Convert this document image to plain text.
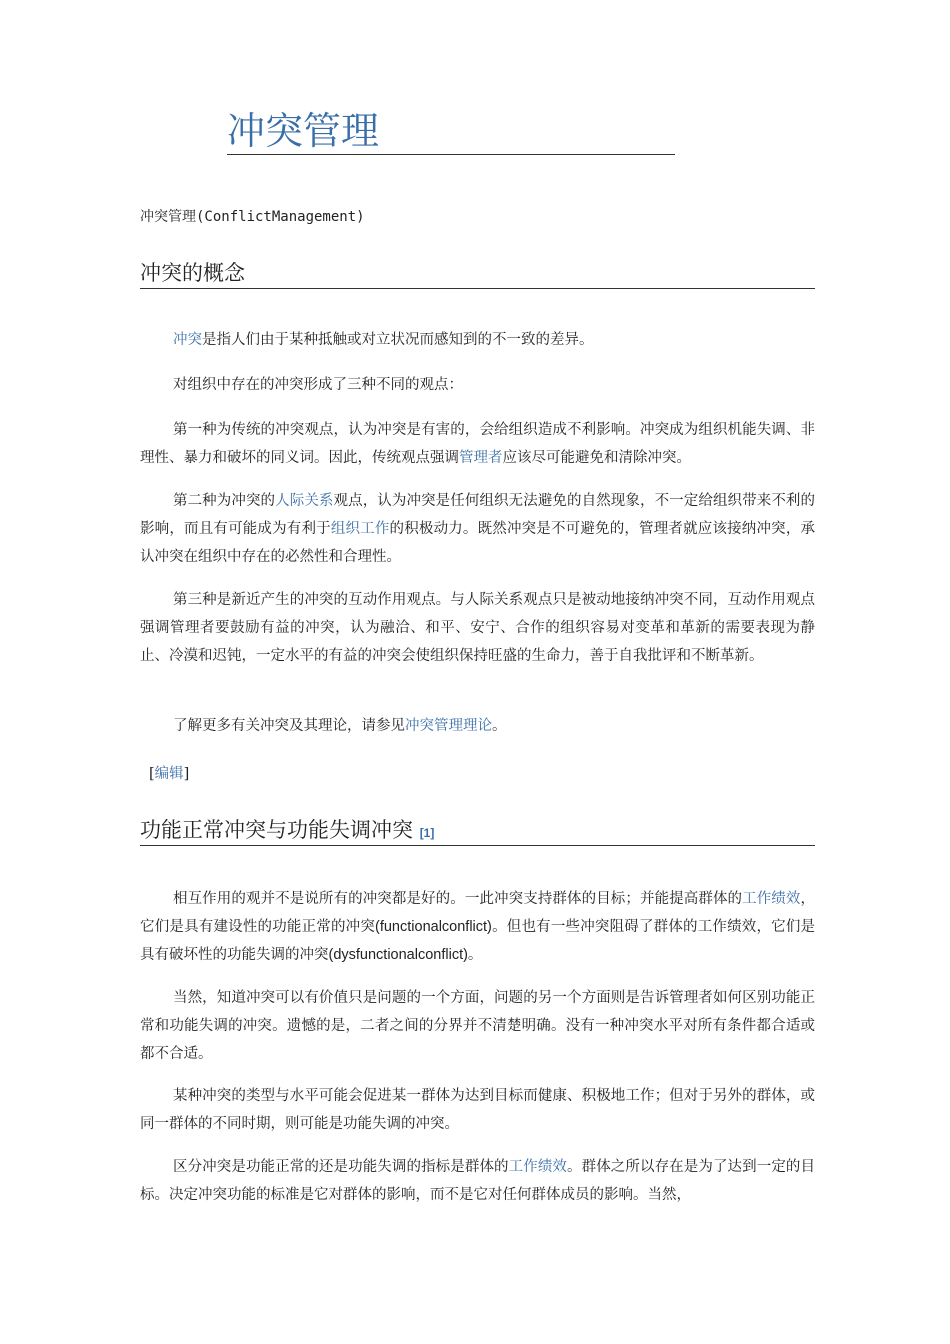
冲突管理
冲突管理(ConflictManagement)
冲突的概念

冲突是指人们由于某种抵触或对立状况而感知到的不一致的差异。

对组织中存在的冲突形成了三种不同的观点：

第一种为传统的冲突观点，认为冲突是有害的，会给组织造成不利影响。冲突成为组织机能失调、非理性、暴力和破坏的同义词。因此，传统观点强调管理者应该尽可能避免和清除冲突。

第二种为冲突的人际关系观点，认为冲突是任何组织无法避免的自然现象，不一定给组织带来不利的影响，而且有可能成为有利于组织工作的积极动力。既然冲突是不可避免的，管理者就应该接纳冲突，承认冲突在组织中存在的必然性和合理性。

第三种是新近产生的冲突的互动作用观点。与人际关系观点只是被动地接纳冲突不同，互动作用观点强调管理者要鼓励有益的冲突，认为融洽、和平、安宁、合作的组织容易对变革和革新的需要表现为静止、冷漠和迟钝，一定水平的有益的冲突会使组织保持旺盛的生命力，善于自我批评和不断革新。

了解更多有关冲突及其理论，请参见冲突管理理论。

[编辑]
功能正常冲突与功能失调冲突 [1]

相互作用的观并不是说所有的冲突都是好的。一此冲突支持群体的目标；并能提高群体的工作绩效，它们是具有建设性的功能正常的冲突(functionalconflict)。但也有一些冲突阻碍了群体的工作绩效，它们是具有破坏性的功能失调的冲突(dysfunctionalconflict)。

当然，知道冲突可以有价值只是问题的一个方面，问题的另一个方面则是告诉管理者如何区别功能正常和功能失调的冲突。遗憾的是，二者之间的分界并不清楚明确。没有一种冲突水平对所有条件都合适或都不合适。

某种冲突的类型与水平可能会促进某一群体为达到目标而健康、积极地工作；但对于另外的群体，或同一群体的不同时期，则可能是功能失调的冲突。

区分冲突是功能正常的还是功能失调的指标是群体的工作绩效。群体之所以存在是为了达到一定的目标。决定冲突功能的标准是它对群体的影响，而不是它对任何群体成员的影响。当然，
